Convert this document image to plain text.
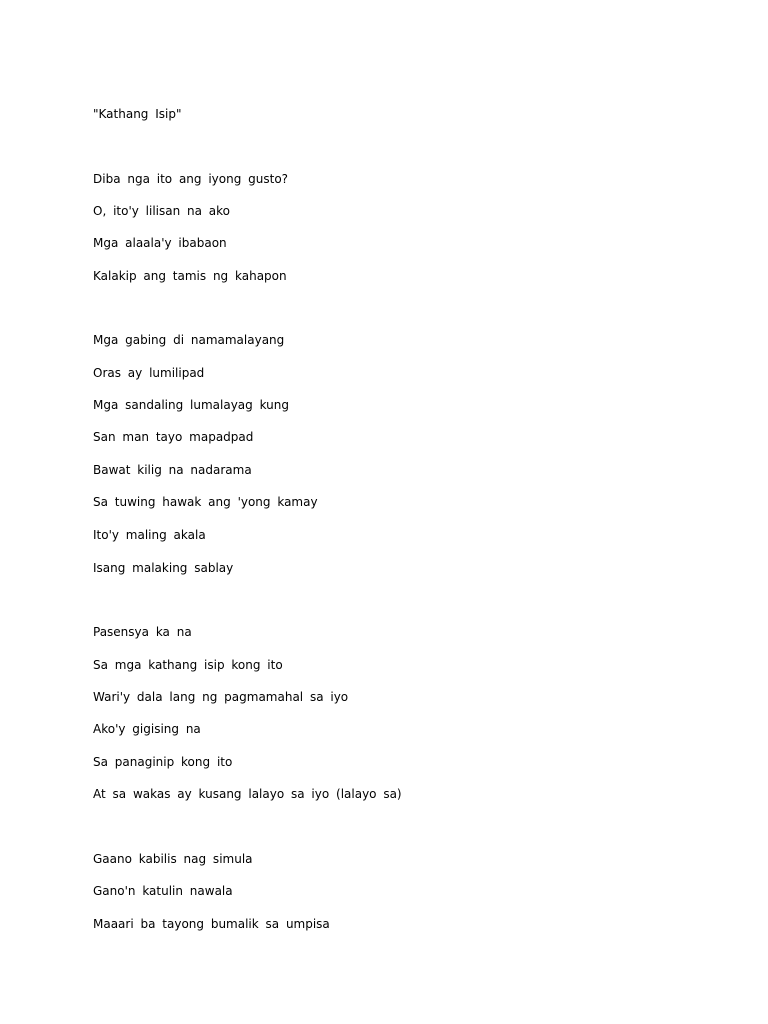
"Kathang Isip"
Diba nga ito ang iyong gusto?
O, ito'y lilisan na ako
Mga alaala'y ibabaon
Kalakip ang tamis ng kahapon
Mga gabing di namamalayang
Oras ay lumilipad
Mga sandaling lumalayag kung
San man tayo mapadpad
Bawat kilig na nadarama
Sa tuwing hawak ang 'yong kamay
Ito'y maling akala
Isang malaking sablay
Pasensya ka na
Sa mga kathang isip kong ito
Wari'y dala lang ng pagmamahal sa iyo
Ako'y gigising na
Sa panaginip kong ito
At sa wakas ay kusang lalayo sa iyo (lalayo sa)
Gaano kabilis nag simula
Gano'n katulin nawala
Maaari ba tayong bumalik sa umpisa
